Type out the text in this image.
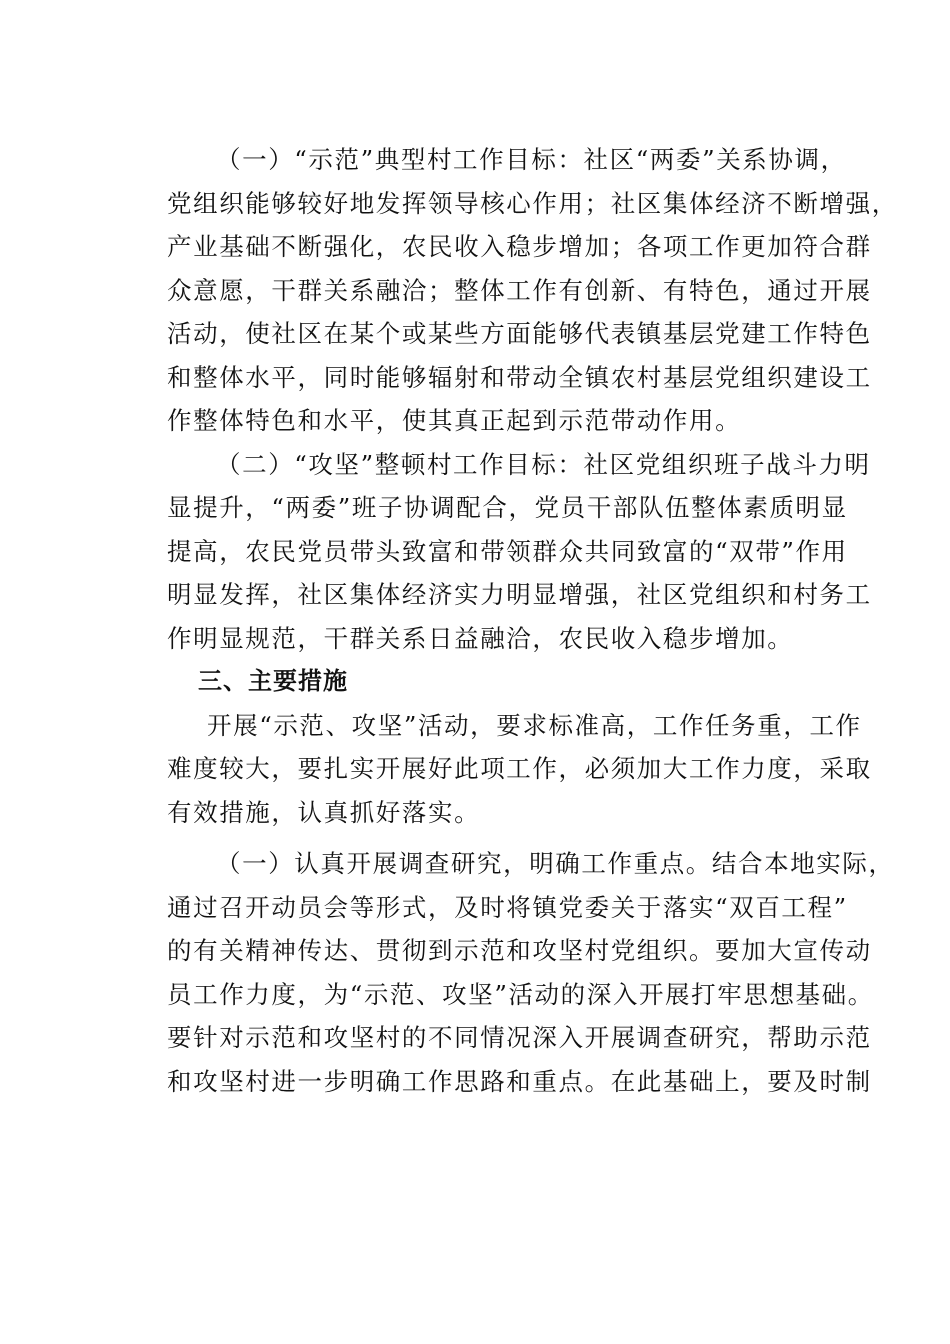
（一）“示范”典型村工作目标：社区“两委”关系协调，
党组织能够较好地发挥领导核心作用；社区集体经济不断增强，
产业基础不断强化，农民收入稳步增加；各项工作更加符合群
众意愿，干群关系融洽；整体工作有创新、有特色，通过开展
活动，使社区在某个或某些方面能够代表镇基层党建工作特色
和整体水平，同时能够辐射和带动全镇农村基层党组织建设工
作整体特色和水平，使其真正起到示范带动作用。
（二）“攻坚”整顿村工作目标：社区党组织班子战斗力明
显提升，“两委”班子协调配合，党员干部队伍整体素质明显
提高，农民党员带头致富和带领群众共同致富的“双带”作用
明显发挥，社区集体经济实力明显增强，社区党组织和村务工
作明显规范，干群关系日益融洽，农民收入稳步增加。
三、主要措施
开展“示范、攻坚”活动，要求标准高，工作任务重，工作
难度较大，要扎实开展好此项工作，必须加大工作力度，采取
有效措施，认真抓好落实。
（一）认真开展调查研究，明确工作重点。结合本地实际，
通过召开动员会等形式，及时将镇党委关于落实“双百工程”
的有关精神传达、贯彻到示范和攻坚村党组织。要加大宣传动
员工作力度，为“示范、攻坚”活动的深入开展打牢思想基础。
要针对示范和攻坚村的不同情况深入开展调查研究，帮助示范
和攻坚村进一步明确工作思路和重点。在此基础上，要及时制
